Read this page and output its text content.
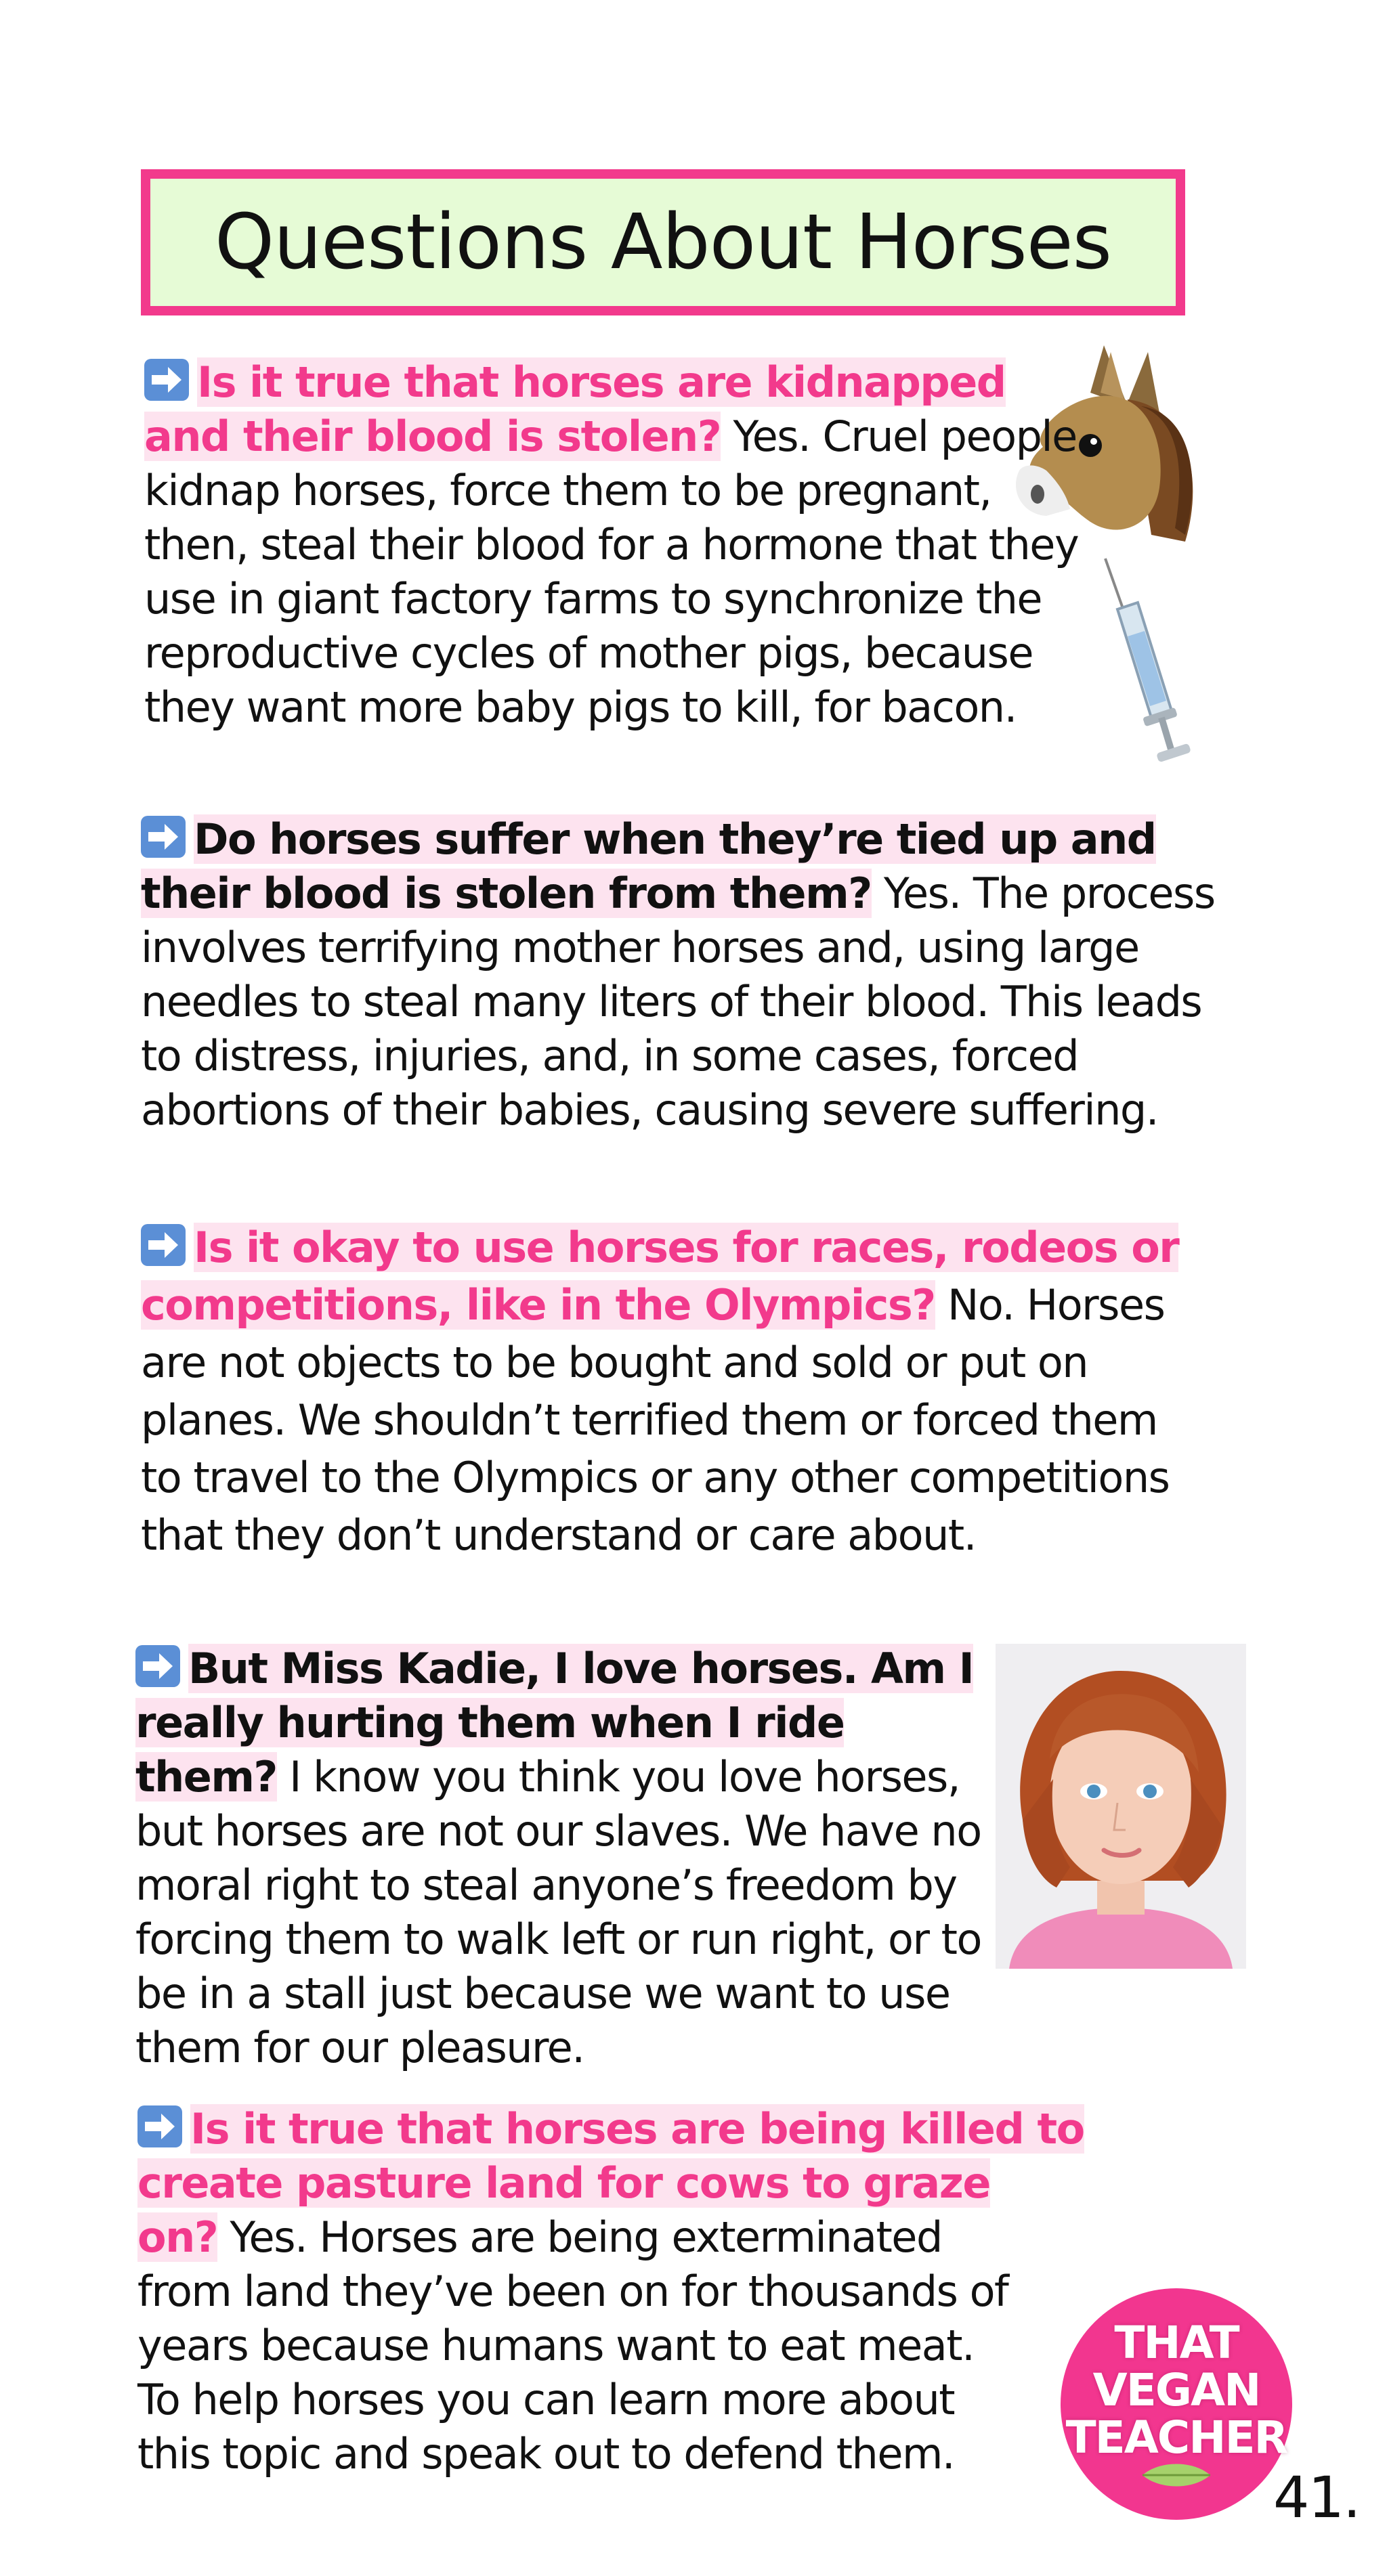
Questions About Horses
Is it true that horses are kidnapped and their blood is stolen? Yes. Cruel people kidnap horses, force them to be pregnant, then, steal their blood for a hormone that they use in giant factory farms to synchronize the reproductive cycles of mother pigs, because they want more baby pigs to kill, for bacon.
Do horses suffer when they’re tied up and their blood is stolen from them? Yes. The process involves terrifying mother horses and, using large needles to steal many liters of their blood. This leads to distress, injuries, and, in some cases, forced abortions of their babies, causing severe suffering.
Is it okay to use horses for races, rodeos or competitions, like in the Olympics? No. Horses are not objects to be bought and sold or put on planes. We shouldn’t terrified them or forced them to travel to the Olympics or any other competitions that they don’t understand or care about.
But Miss Kadie, I love horses. Am I really hurting them when I ride them? I know you think you love horses, but horses are not our slaves. We have no moral right to steal anyone’s freedom by forcing them to walk left or run right, or to be in a stall just because we want to use them for our pleasure.
Is it true that horses are being killed to create pasture land for cows to graze on? Yes. Horses are being exterminated from land they’ve been on for thousands of years because humans want to eat meat. To help horses you can learn more about this topic and speak out to defend them.
THAT
VEGAN
TEACHER
41.
